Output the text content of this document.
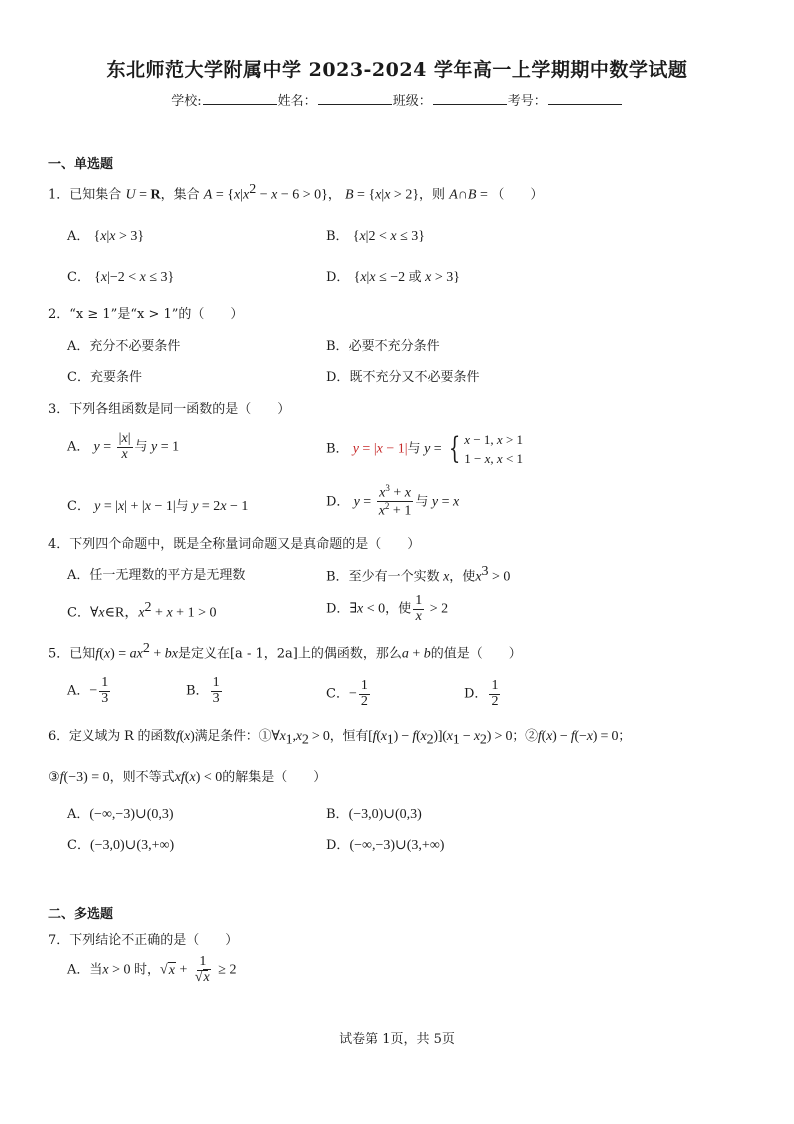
东北师范大学附属中学 2023-2024 学年高一上学期期中数学试题
学校:	姓名：	班级：	考号：
一、单选题
1．已知集合 U = R，集合 $A = \{x|x^2 - x - 6 > 0\}$， B = {x|x > 2}，则 A∩B = （　　）
A． {x|x > 3}	B． {x|2 < x ≤ 3}
C． {x|−2 < x ≤ 3}	D． {x|x ≤ −2 或 x > 3}
2．“x ≥ 1”是“x > 1”的（　　）
A．充分不必要条件	B．必要不充分条件
C．充要条件	D．既不充分又不必要条件
3．下列各组函数是同一函数的是（　　）
A． $y = \frac{|x|}{x}$ 与 y = 1	B． y = |x − 1|与 y = { x − 1, x > 1
1 − x, x < 1
C． y = |x| + |x − 1|与 y = 2x − 1	D． $y = \frac{x^3 + x}{x^2 + 1}$ 与 y = x
4．下列四个命题中，既是全称量词命题又是真命题的是（　　）
A．任一无理数的平方是无理数	B．至少有一个实数 x，使$x^3 > 0$
C．∀x∈R，$x^2 + x + 1 > 0$	D．∃x < 0，使 $\frac{1}{x} > 2$
5．已知$f(x) = ax^2$ + bx是定义在[a - 1，2a]上的偶函数，那么a + b的值是（　　）
A．− $\frac{1}{3}$	B． $\frac{1}{3}$	C．− $\frac{1}{2}$	D． $\frac{1}{2}$
6．定义域为 R 的函数f(x)满足条件：$①\forall x_1,x_2 > 0$，恒有$[f(x_1) - f(x_2)](x_1 - x_2) > 0$；②f(x) − f(−x) = 0；
③f(−3) = 0，则不等式xf(x) < 0的解集是（　　）
A．(−∞,−3)∪(0,3)	B．(−3,0)∪(0,3)
C．(−3,0)∪(3,+∞)	D．(−∞,−3)∪(3,+∞)
二、多选题
7．下列结论不正确的是（　　）
A．当x > 0 时，$√x + \frac{1}{√x} \ge 2$
试卷第 1页，共 5页
